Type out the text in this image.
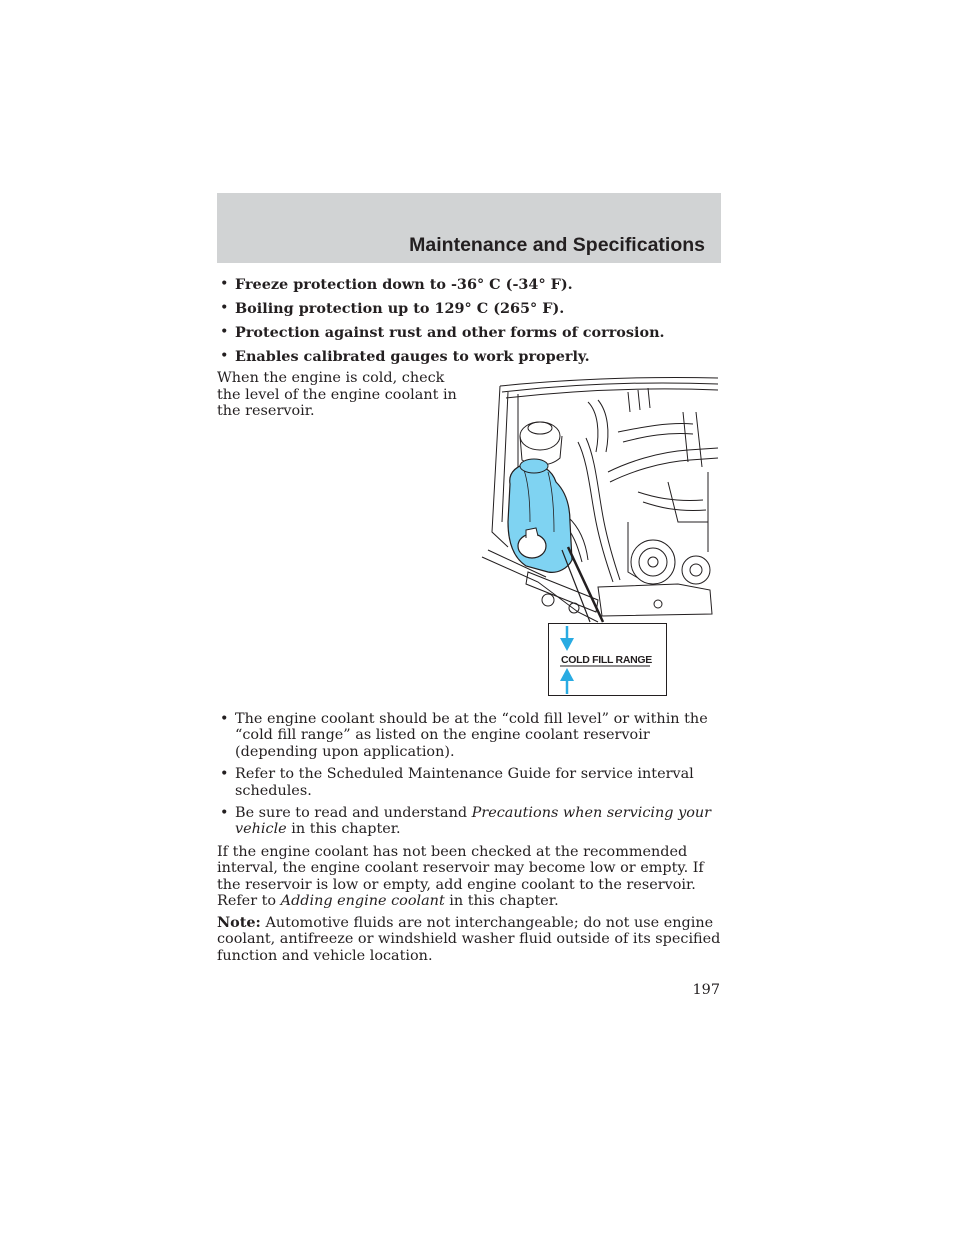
Maintenance and Specifications
• Freeze protection down to -36° C (-34° F).
• Boiling protection up to 129° C (265° F).
• Protection against rust and other forms of corrosion.
• Enables calibrated gauges to work properly.

When the engine is cold, check the level of the engine coolant in the reservoir.

COLD FILL RANGE
• The engine coolant should be at the “cold fill level” or within the “cold fill range” as listed on the engine coolant reservoir (depending upon application).
• Refer to the Scheduled Maintenance Guide for service interval schedules.
• Be sure to read and understand Precautions when servicing your vehicle in this chapter.

If the engine coolant has not been checked at the recommended interval, the engine coolant reservoir may become low or empty. If the reservoir is low or empty, add engine coolant to the reservoir. Refer to Adding engine coolant in this chapter.

Note: Automotive fluids are not interchangeable; do not use engine coolant, antifreeze or windshield washer fluid outside of its specified function and vehicle location.

197
